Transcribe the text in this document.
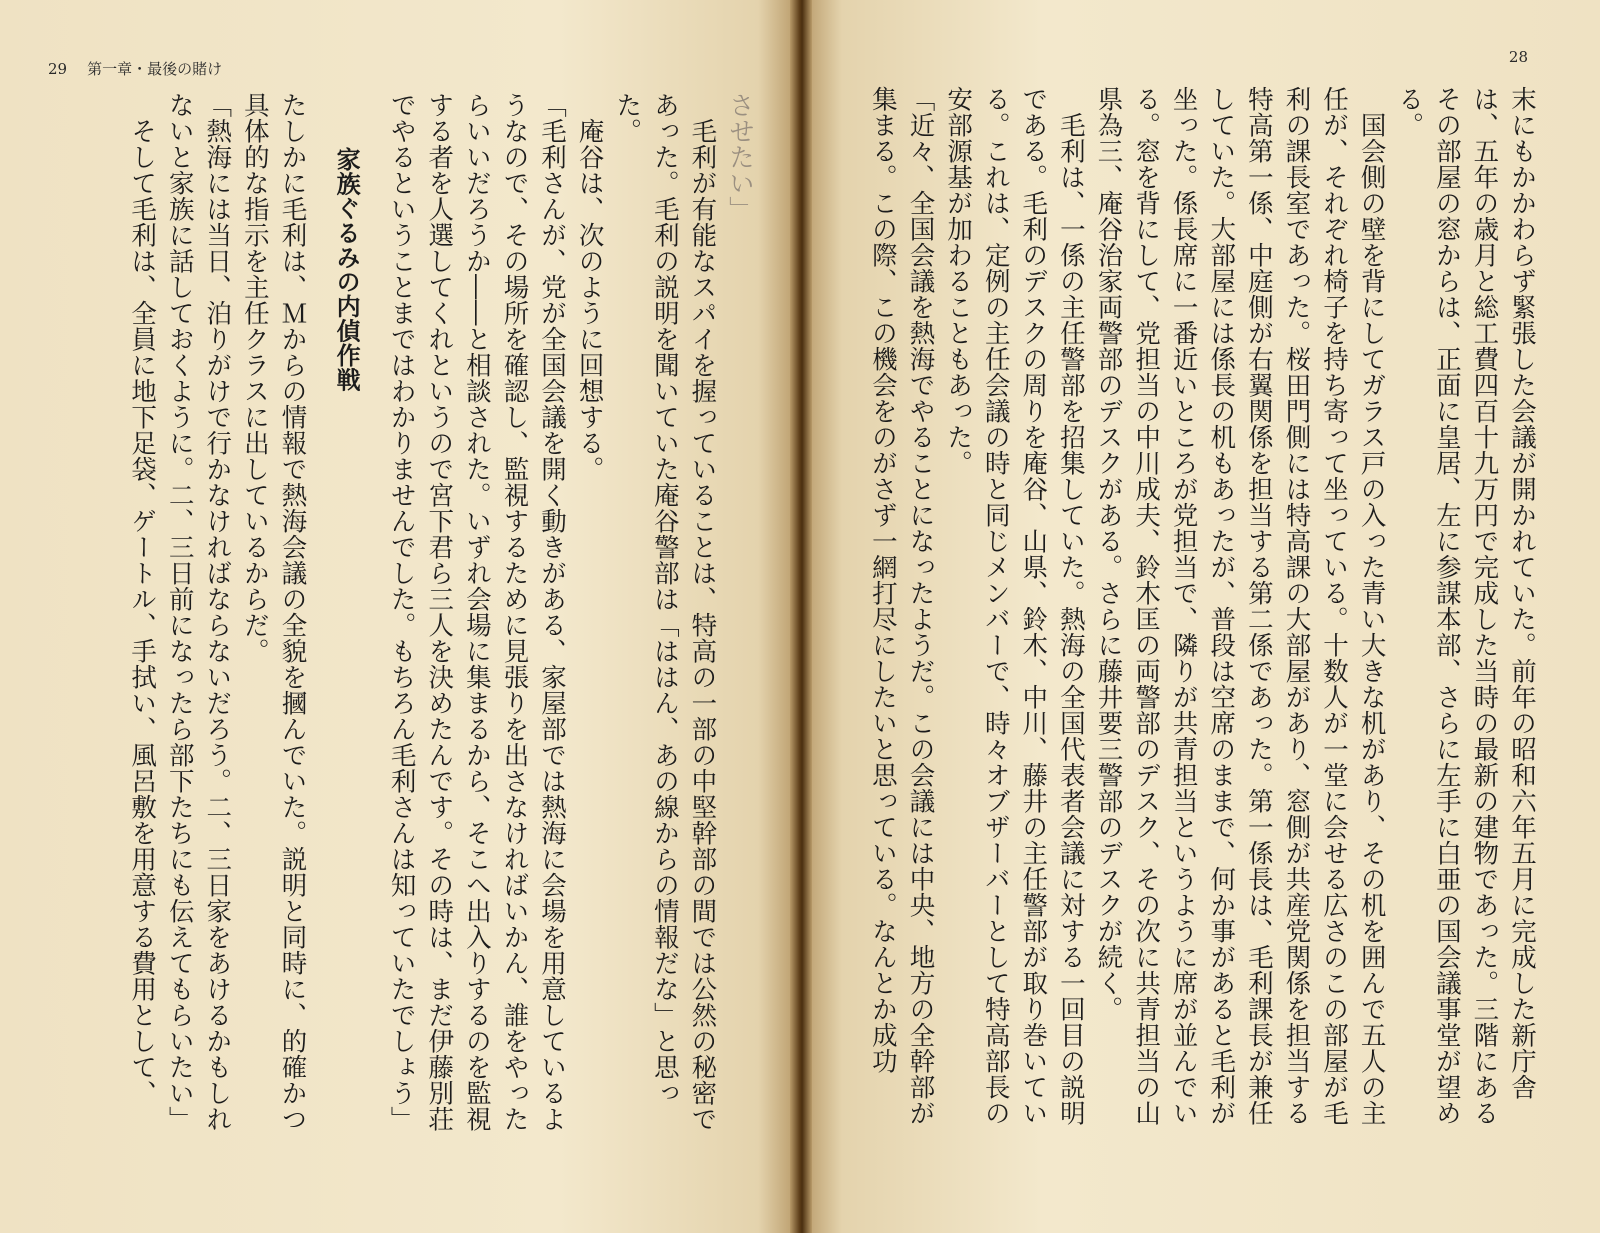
29 第一章・最後の賭け

させたい」

毛利が有能なスパイを握っていることは、特高の一部の中堅幹部の間では公然の秘密であった。毛利の説明を聞いていた庵谷警部は「ははん、あの線からの情報だな」と思った。

庵谷は、次のように回想する。

「毛利さんが、党が全国会議を開く動きがある、家屋部では熱海に会場を用意しているようなので、その場所を確認し、監視するために見張りを出さなければいかん、誰をやったらいいだろうか――と相談された。いずれ会場に集まるから、そこへ出入りするのを監視する者を人選してくれというので宮下君ら三人を決めたんです。その時は、まだ伊藤別荘でやるということまではわかりませんでした。もちろん毛利さんは知っていたでしょう」

家族ぐるみの内偵作戦

たしかに毛利は、Ｍからの情報で熱海会議の全貌を摑んでいた。説明と同時に、的確かつ具体的な指示を主任クラスに出しているからだ。

「熱海には当日、泊りがけで行かなければならないだろう。二、三日家をあけるかもしれないと家族に話しておくように。二、三日前になったら部下たちにも伝えてもらいたい」

そして毛利は、全員に地下足袋、ゲートル、手拭い、風呂敷を用意する費用として、

28

末にもかかわらず緊張した会議が開かれていた。前年の昭和六年五月に完成した新庁舎は、五年の歳月と総工費四百十九万円で完成した当時の最新の建物であった。三階にあるその部屋の窓からは、正面に皇居、左に参謀本部、さらに左手に白亜の国会議事堂が望める。

国会側の壁を背にしてガラス戸の入った青い大きな机があり、その机を囲んで五人の主任が、それぞれ椅子を持ち寄って坐っている。十数人が一堂に会せる広さのこの部屋が毛利の課長室であった。桜田門側には特高課の大部屋があり、窓側が共産党関係を担当する特高第一係、中庭側が右翼関係を担当する第二係であった。第一係長は、毛利課長が兼任していた。大部屋には係長の机もあったが、普段は空席のままで、何か事があると毛利が坐った。係長席に一番近いところが党担当で、隣りが共青担当というように席が並んでいる。窓を背にして、党担当の中川成夫、鈴木匡の両警部のデスク、その次に共青担当の山県為三、庵谷治家両警部のデスクがある。さらに藤井要三警部のデスクが続く。

毛利は、一係の主任警部を招集していた。熱海の全国代表者会議に対する一回目の説明である。毛利のデスクの周りを庵谷、山県、鈴木、中川、藤井の主任警部が取り巻いている。これは、定例の主任会議の時と同じメンバーで、時々オブザーバーとして特高部長の安部源基が加わることもあった。

「近々、全国会議を熱海でやることになったようだ。この会議には中央、地方の全幹部が集まる。この際、この機会をのがさず一網打尽にしたいと思っている。なんとか成功
